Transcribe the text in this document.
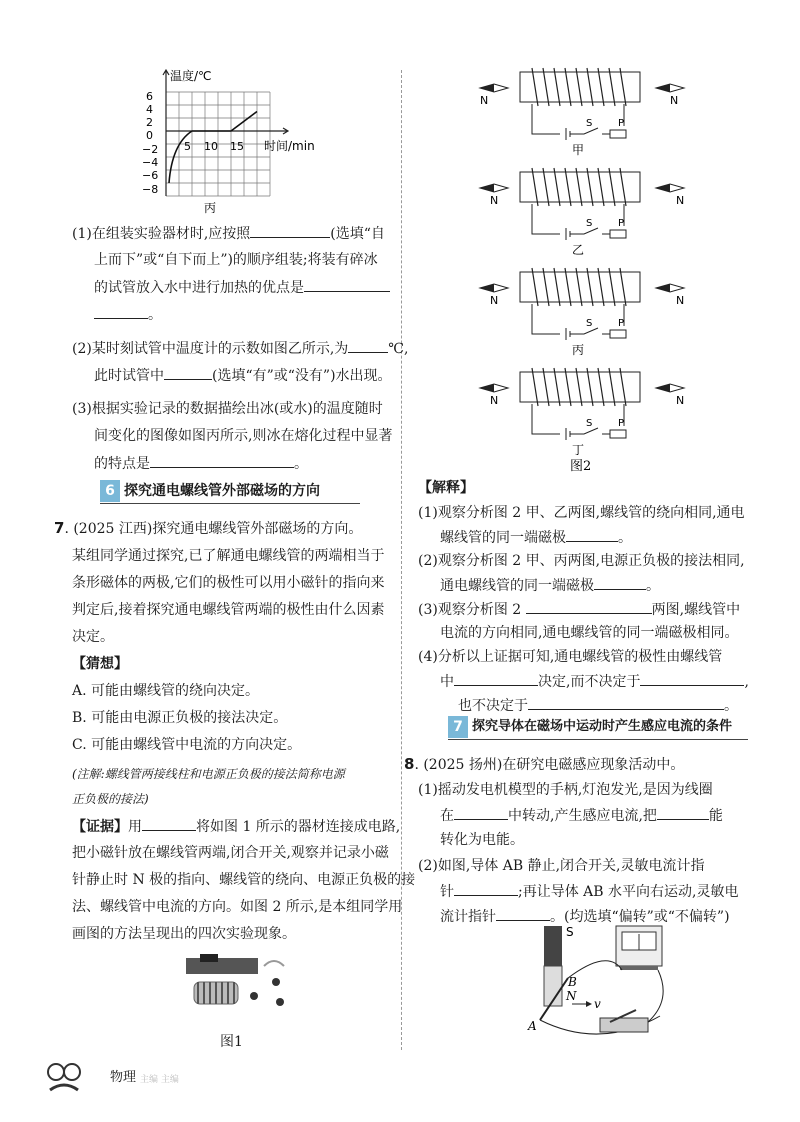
温度/℃
时间/min
6
4
2
0
−2
−4
−6
−8
5 10 15
丙
(1)在组装实验器材时,应按照	(选填“自
上而下”或“自下而上”)的顺序组装;将装有碎冰
的试管放入水中进行加热的优点是
。
(2)某时刻试管中温度计的示数如图乙所示,为	℃,
此时试管中	(选填“有”或“没有”)水出现。
(3)根据实验记录的数据描绘出冰(或水)的温度随时
间变化的图像如图丙所示,则冰在熔化过程中显著
的特点是	。
6 探究通电螺线管外部磁场的方向
7. (2025 江西)探究通电螺线管外部磁场的方向。
某组同学通过探究,已了解通电螺线管的两端相当于
条形磁体的两极,它们的极性可以用小磁针的指向来
判定后,接着探究通电螺线管两端的极性由什么因素
决定。
【猜想】
A. 可能由螺线管的绕向决定。
B. 可能由电源正负极的接法决定。
C. 可能由螺线管中电流的方向决定。
(注解:螺线管两接线柱和电源正负极的接法简称电源
正负极的接法)
【证据】用	将如图 1 所示的器材连接成电路,
把小磁针放在螺线管两端,闭合开关,观察并记录小磁
针静止时 N 极的指向、螺线管的绕向、电源正负极的接
法、螺线管中电流的方向。如图 2 所示,是本组同学用
画图的方法呈现出的四次实验现象。
图1
物理 主编 主编
N	N
S	P
甲
N	N
S	P
乙
N	N
S	P
丙
N	N
S	P
丁
图2
【解释】
(1)观察分析图 2 甲、乙两图,螺线管的绕向相同,通电
螺线管的同一端磁极	。
(2)观察分析图 2 甲、丙两图,电源正负极的接法相同,
通电螺线管的同一端磁极	。
(3)观察分析图 2	两图,螺线管中
电流的方向相同,通电螺线管的同一端磁极相同。
(4)分析以上证据可知,通电螺线管的极性由螺线管
中	决定,而不决定于	,
也不决定于	。
7 探究导体在磁场中运动时产生感应电流的条件
8. (2025 扬州)在研究电磁感应现象活动中。
(1)摇动发电机模型的手柄,灯泡发光,是因为线圈
在	中转动,产生感应电流,把	能
转化为电能。
(2)如图,导体 AB 静止,闭合开关,灵敏电流计指
针	;再让导体 AB 水平向右运动,灵敏电
流计指针	。(均选填“偏转”或“不偏转”)
S
N
A
B
v
